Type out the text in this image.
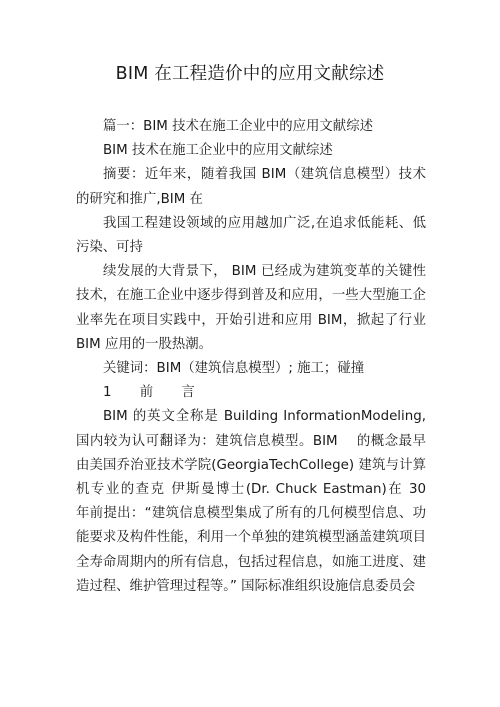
BIM 在工程造价中的应用文献综述

篇一：BIM 技术在施工企业中的应用文献综述

BIM 技术在施工企业中的应用文献综述

摘要：近年来，随着我国 BIM（建筑信息模型）技术的研究和推广,BIM 在

我国工程建设领域的应用越加广泛,在追求低能耗、低污染、可持

续发展的大背景下， BIM 已经成为建筑变革的关键性技术，在施工企业中逐步得到普及和应用，一些大型施工企业率先在项目实践中，开始引进和应用 BIM，掀起了行业 BIM 应用的一股热潮。

关键词：BIM（建筑信息模型）; 施工；碰撞

1 前 言

BIM 的英文全称是 Building InformationModeling, 国内较为认可翻译为：建筑信息模型。BIM　 的概念最早由美国乔治亚技术学院(GeorgiaTechCollege) 建筑与计算机专业的查克 伊斯曼博士(Dr. Chuck Eastman)在 30　年前提出：“建筑信息模型集成了所有的几何模型信息、功能要求及构件性能，利用一个单独的建筑模型涵盖建筑项目全寿命周期内的所有信息，包括过程信息，如施工进度、建造过程、维护管理过程等。” 国际标准组织设施信息委员会
